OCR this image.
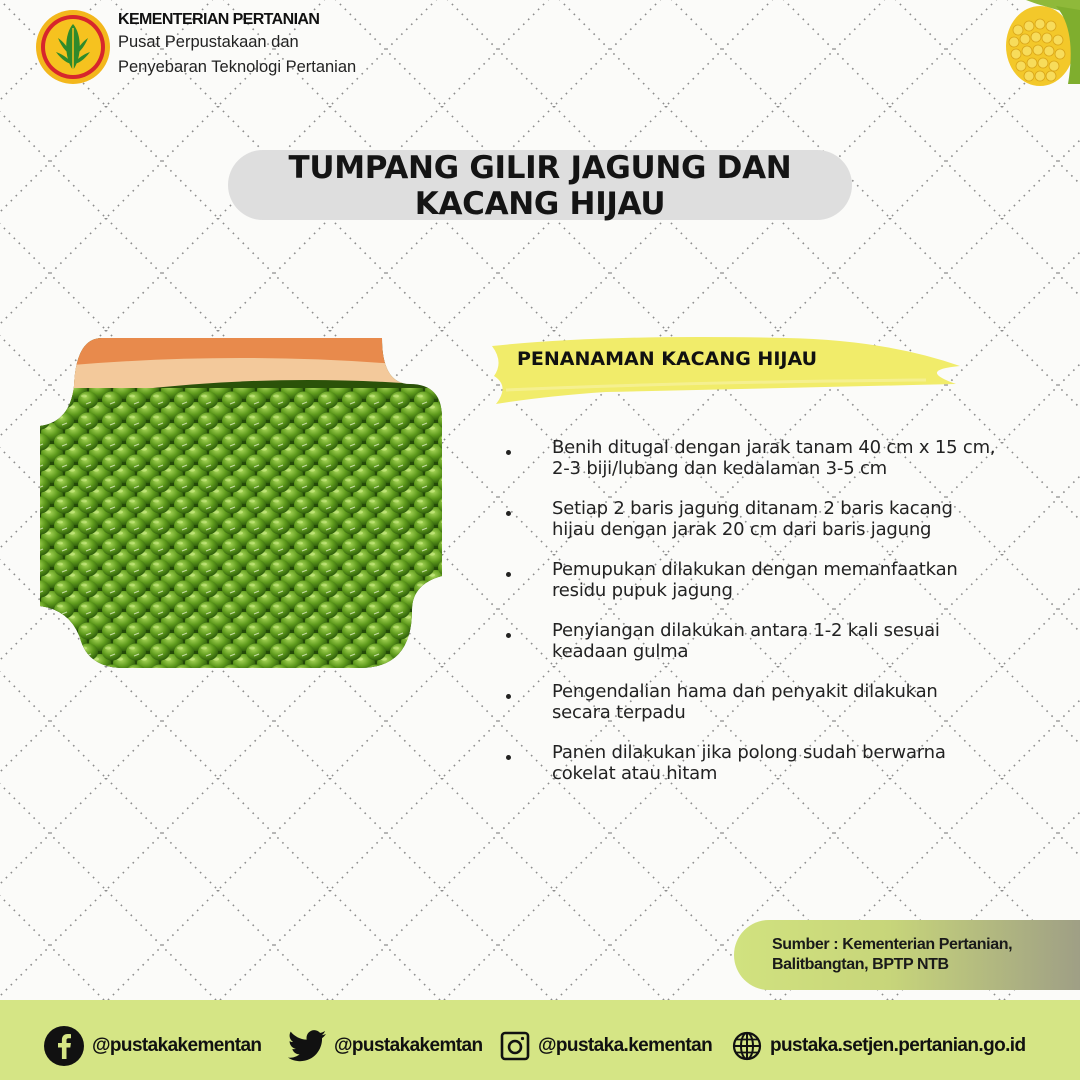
KEMENTERIAN PERTANIAN
Pusat Perpustakaan dan
Penyebaran Teknologi Pertanian
TUMPANG GILIR JAGUNG DAN
KACANG HIJAU
PENANAMAN KACANG HIJAU
Benih ditugal dengan jarak tanam 40 cm x 15 cm, 2-3 biji/lubang dan kedalaman 3-5 cm
Setiap 2 baris jagung ditanam 2 baris kacang hijau dengan jarak 20 cm dari baris jagung
Pemupukan dilakukan dengan memanfaatkan residu pupuk jagung
Penyiangan dilakukan antara 1-2 kali sesuai keadaan gulma
Pengendalian hama dan penyakit dilakukan secara terpadu
Panen dilakukan jika polong sudah berwarna cokelat atau hitam
Sumber : Kementerian Pertanian,
Balitbangtan, BPTP NTB
@pustakakementan	@pustakakemtan	@pustaka.kementan	pustaka.setjen.pertanian.go.id
